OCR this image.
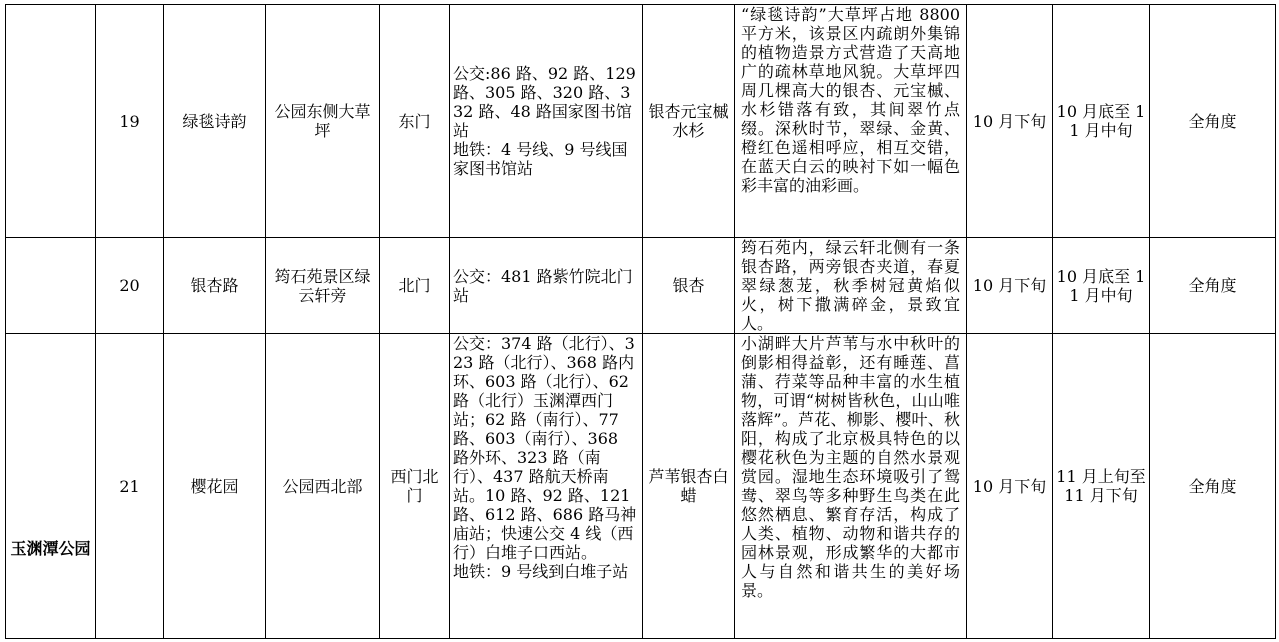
	19	绿毯诗韵	公园东侧大草坪	东门	公交:86 路、92 路、129 路、305 路、320 路、332 路、48 路国家图书馆站
地铁：4 号线、9 号线国家图书馆站	银杏元宝槭水杉	“绿毯诗韵”大草坪占地 8800 平方米，该景区内疏朗外集锦的植物造景方式营造了天高地广的疏林草地风貌。大草坪四周几棵高大的银杏、元宝槭、水杉错落有致，其间翠竹点缀。深秋时节，翠绿、金黄、橙红色遥相呼应，相互交错，在蓝天白云的映衬下如一幅色彩丰富的油彩画。	10 月下旬	10 月底至 11 月中旬	全角度
	20	银杏路	筠石苑景区绿云轩旁	北门	公交：481 路紫竹院北门站	银杏	筠石苑内，绿云轩北侧有一条银杏路，两旁银杏夹道，春夏翠绿葱茏，秋季树冠黄焰似火，树下撒满碎金，景致宜人。	10 月下旬	10 月底至 11 月中旬	全角度
玉渊潭公园	21	樱花园	公园西北部	西门北门	公交：374 路（北行）、323 路（北行）、368 路内环、603 路（北行）、62 路（北行）玉渊潭西门站；62 路（南行）、77 路、603（南行）、368 路外环、323 路（南行）、437 路航天桥南站。10 路、92 路、121 路、612 路、686 路马神庙站；快速公交 4 线（西行）白堆子口西站。
地铁：9 号线到白堆子站	芦苇银杏白蜡	小湖畔大片芦苇与水中秋叶的倒影相得益彰，还有睡莲、菖蒲、荇菜等品种丰富的水生植物，可谓“树树皆秋色，山山唯落辉”。芦花、柳影、樱叶、秋阳，构成了北京极具特色的以樱花秋色为主题的自然水景观赏园。湿地生态环境吸引了鸳鸯、翠鸟等多种野生鸟类在此悠然栖息、繁育存活，构成了人类、植物、动物和谐共存的园林景观，形成繁华的大都市人与自然和谐共生的美好场景。	10 月下旬	11 月上旬至 11 月下旬	全角度
